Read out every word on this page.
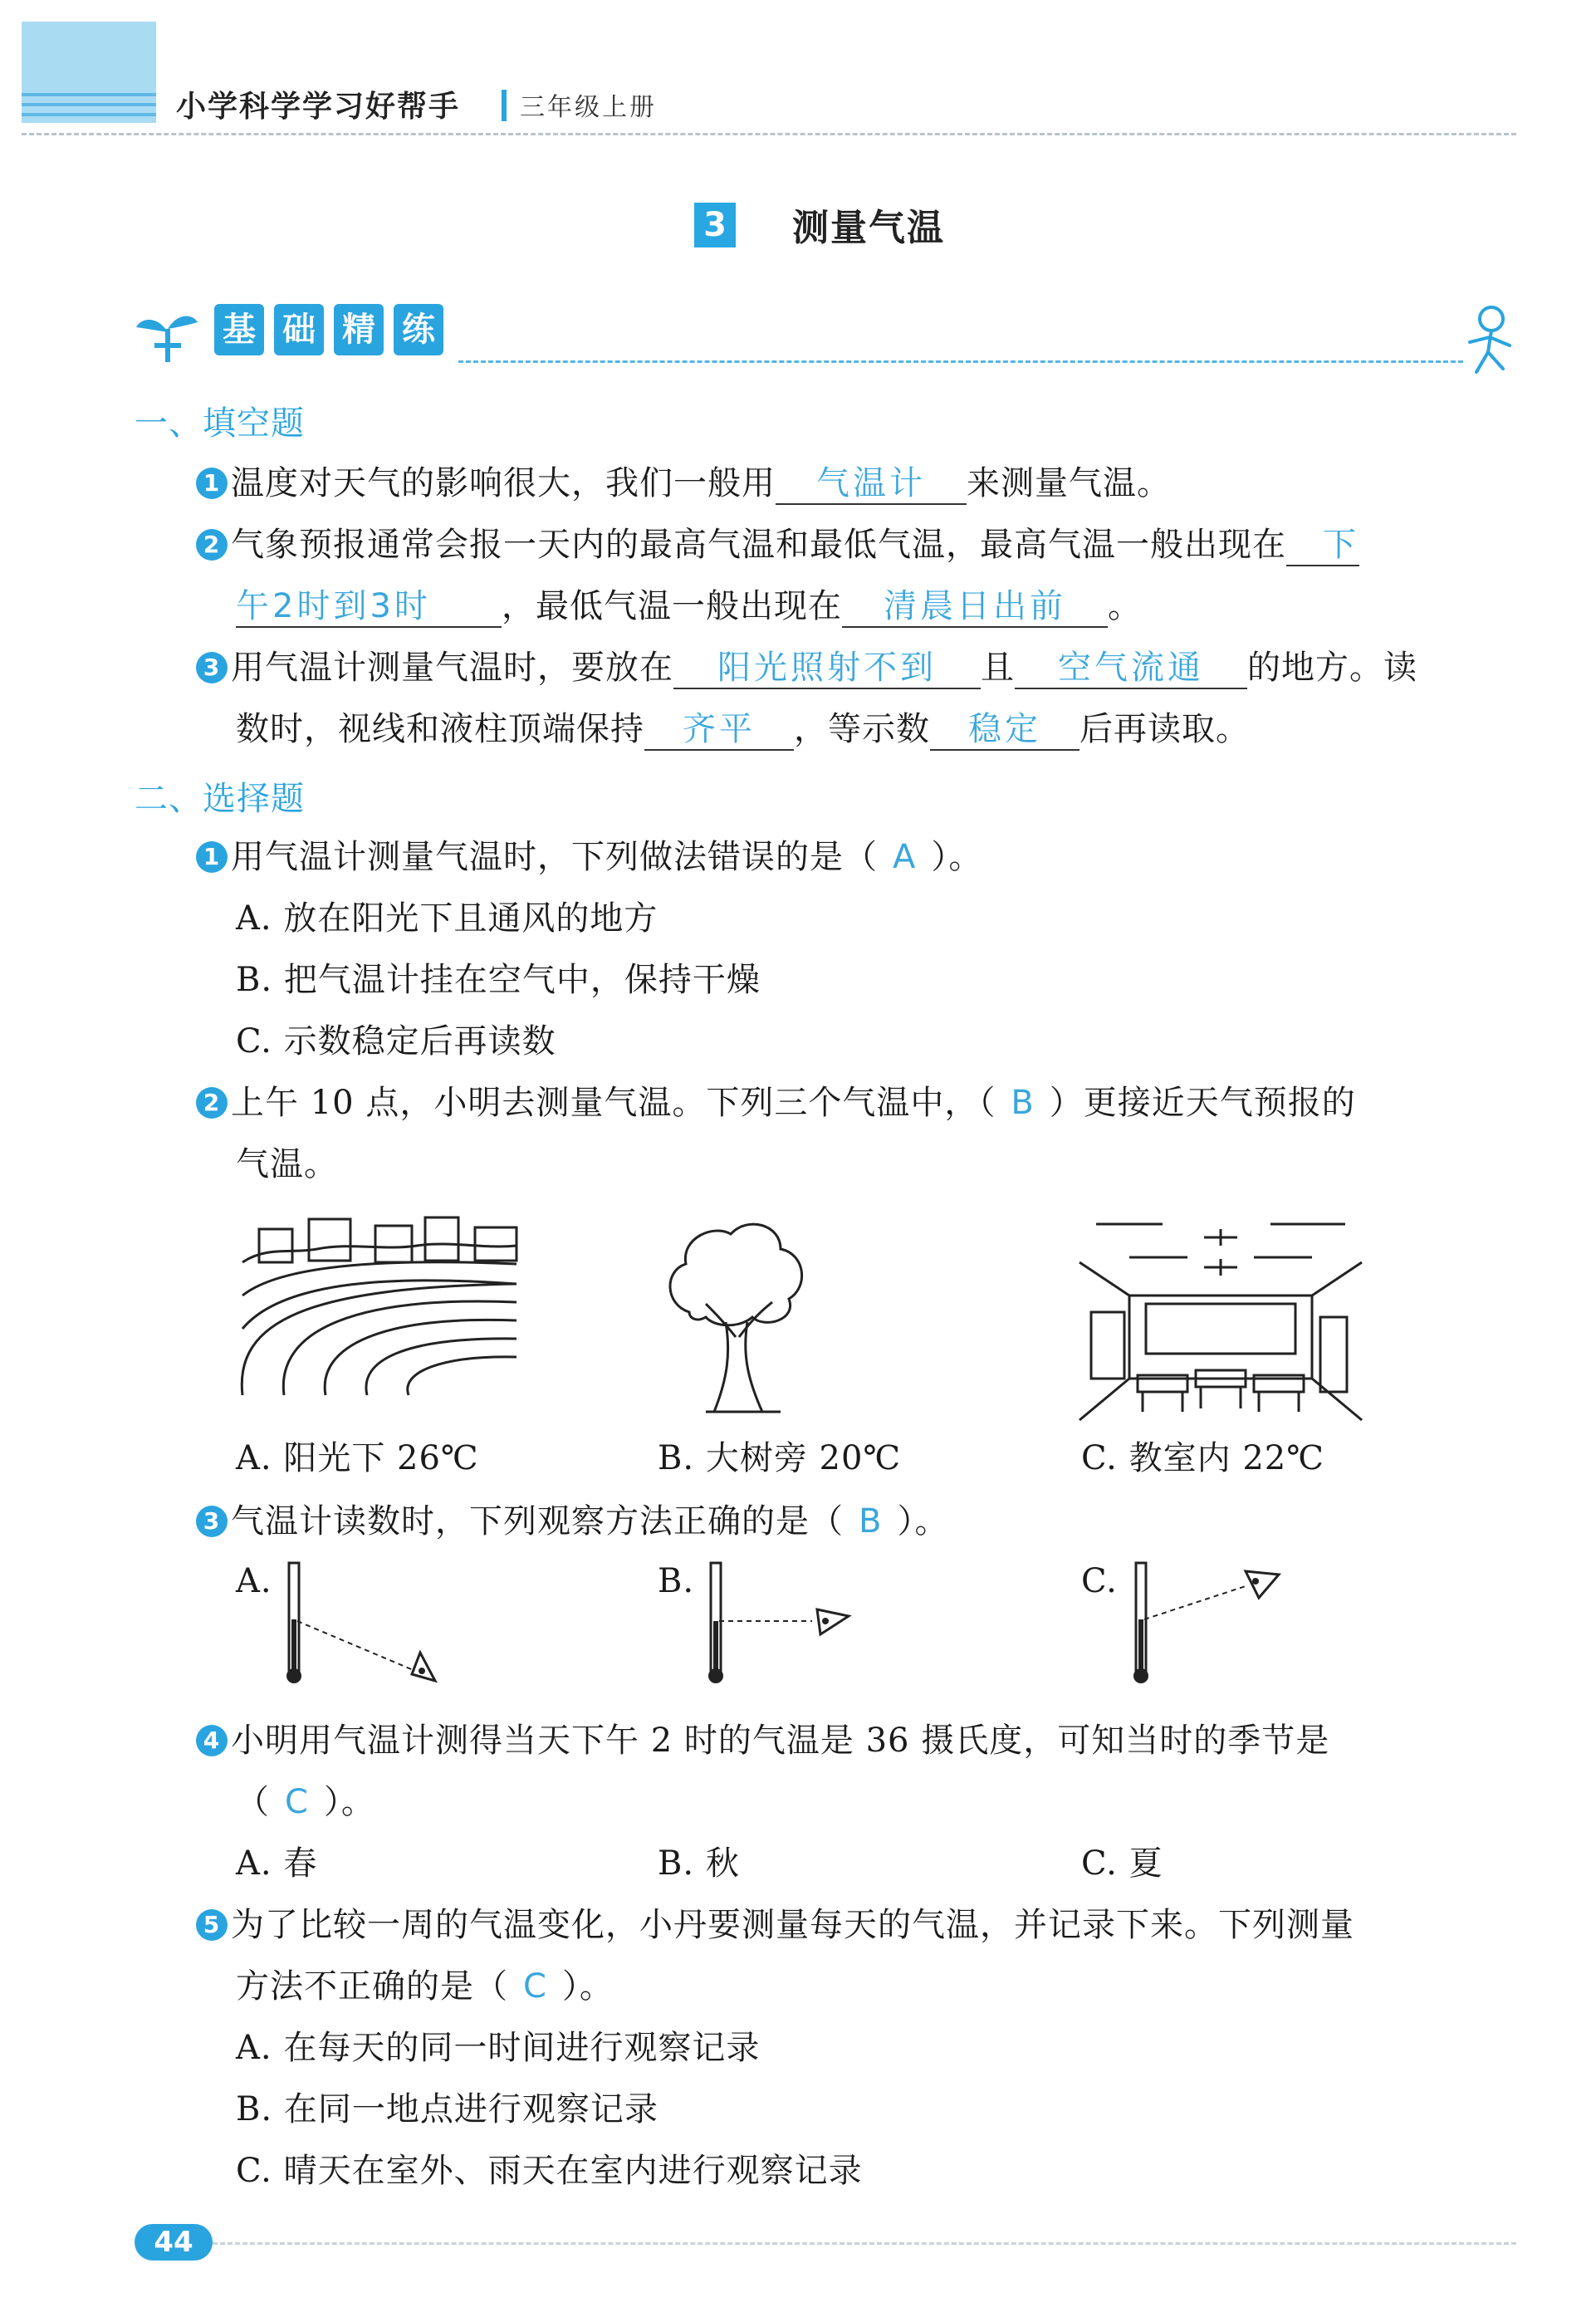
小学科学学习好帮手 三年级上册
3 测量气温
基 础 精 练
一、填空题
1 温度对天气的影响很大，我们一般用 气温计 来测量气温。
2 气象预报通常会报一天内的最高气温和最低气温，最高气温一般出现在 下
午2时到3时 ，最低气温一般出现在 清晨日出前 。
3 用气温计测量气温时，要放在 阳光照射不到 且 空气流通 的地方。读
数时，视线和液柱顶端保持 齐平 ，等示数 稳定 后再读取。
二、选择题
1 用气温计测量气温时，下列做法错误的是（ A ）。
A. 放在阳光下且通风的地方
B. 把气温计挂在空气中，保持干燥
C. 示数稳定后再读数
2 上午 10 点，小明去测量气温。下列三个气温中，（ B ）更接近天气预报的
气温。
A. 阳光下 26℃	B. 大树旁 20℃	C. 教室内 22℃
3 气温计读数时，下列观察方法正确的是（ B ）。
A.	B.	C.
4 小明用气温计测得当天下午 2 时的气温是 36 摄氏度，可知当时的季节是
（ C ）。
A. 春	B. 秋	C. 夏
5 为了比较一周的气温变化，小丹要测量每天的气温，并记录下来。下列测量
方法不正确的是（ C ）。
A. 在每天的同一时间进行观察记录
B. 在同一地点进行观察记录
C. 晴天在室外、雨天在室内进行观察记录
44
